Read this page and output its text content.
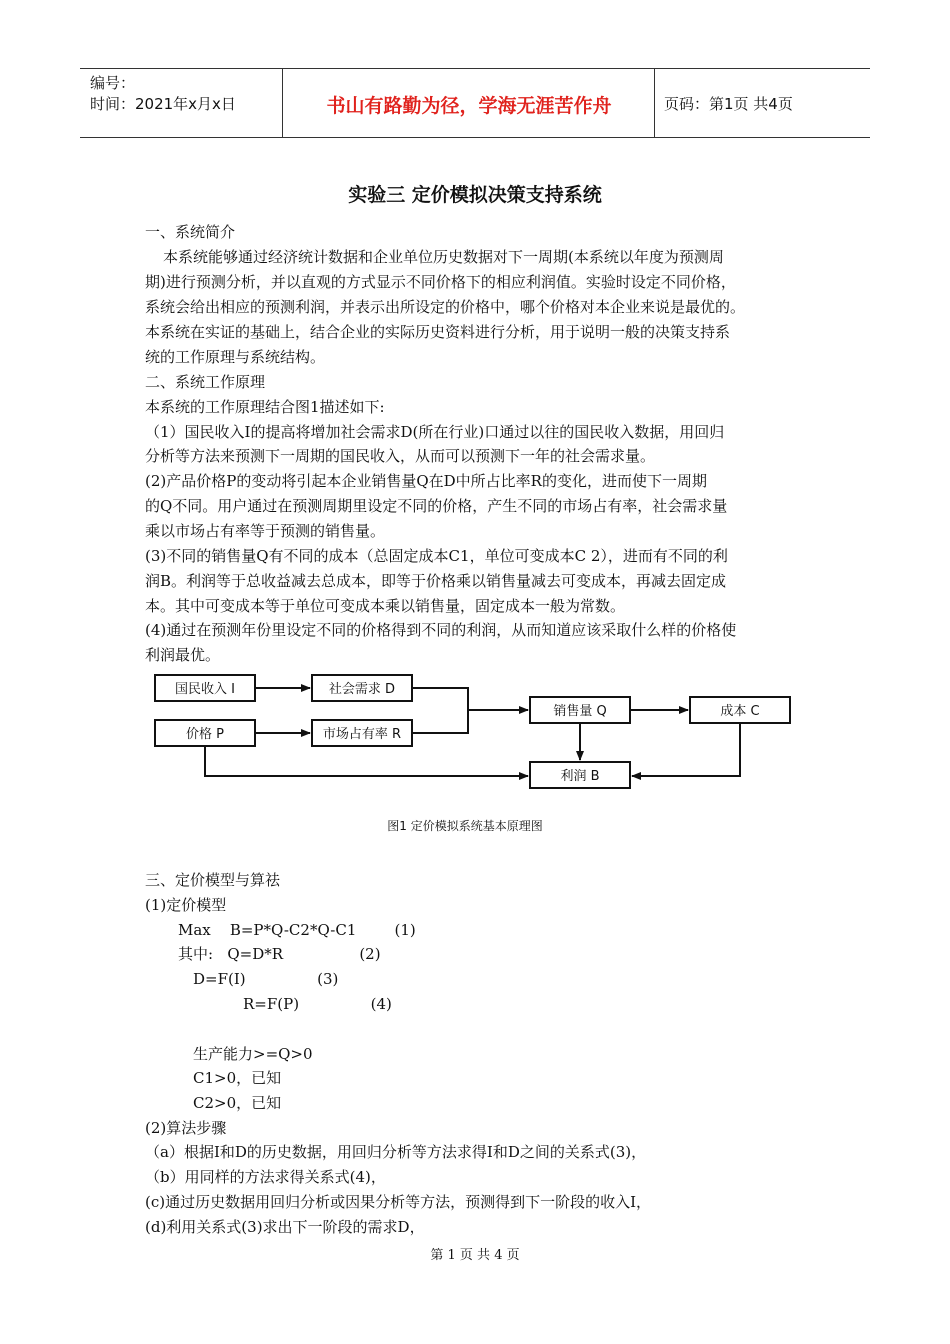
编号：
时间：2021年x月x日	书山有路勤为径，学海无涯苦作舟	页码：第1页 共4页
实验三 定价模拟决策支持系统
一、系统简介
本系统能够通过经济统计数据和企业单位历史数据对下一周期(本系统以年度为预测周
期)进行预测分析，并以直观的方式显示不同价格下的相应利润值。实验时设定不同价格，
系统会给出相应的预测利润，并表示出所设定的价格中，哪个价格对本企业来说是最优的。
本系统在实证的基础上，结合企业的实际历史资料进行分析，用于说明一般的决策支持系
统的工作原理与系统结构。
二、系统工作原理
本系统的工作原理结合图1描述如下:
（1）国民收入I的提高将增加社会需求D(所在行业)口通过以往的国民收入数据，用回归
分析等方法来预测下一周期的国民收入，从而可以预测下一年的社会需求量。
(2)产品价格P的变动将引起本企业销售量Q在D中所占比率R的变化，进而使下一周期
的Q不同。用户通过在预测周期里设定不同的价格，产生不同的市场占有率，社会需求量
乘以市场占有率等于预测的销售量。
(3)不同的销售量Q有不同的成本（总固定成本C1，单位可变成本C 2），进而有不同的利
润B。利润等于总收益减去总成本，即等于价格乘以销售量减去可变成本，再减去固定成
本。其中可变成本等于单位可变成本乘以销售量，固定成本一般为常数。
(4)通过在预测年份里设定不同的价格得到不同的利润，从而知道应该采取什么样的价格使
利润最优。
国民收入 I	社会需求 D
价格 P	市场占有率 R
销售量 Q	成本 C
利润 B
图1 定价模拟系统基本原理图
三、定价模型与算祛
(1)定价模型
Max    B=P*Q-C2*Q-C1        (1)
其中:   Q=D*R                (2)
D=F(I)               (3)
R=F(P)               (4)
生产能力>=Q>0
C1>0，已知
C2>0，已知
(2)算法步骤
（a）根据I和D的历史数据，用回归分析等方法求得I和D之间的关系式(3)，
（b）用同样的方法求得关系式(4)，
(c)通过历史数据用回归分析或因果分析等方法，预测得到下一阶段的收入I，
(d)利用关系式(3)求出下一阶段的需求D，
第 1 页 共 4 页
